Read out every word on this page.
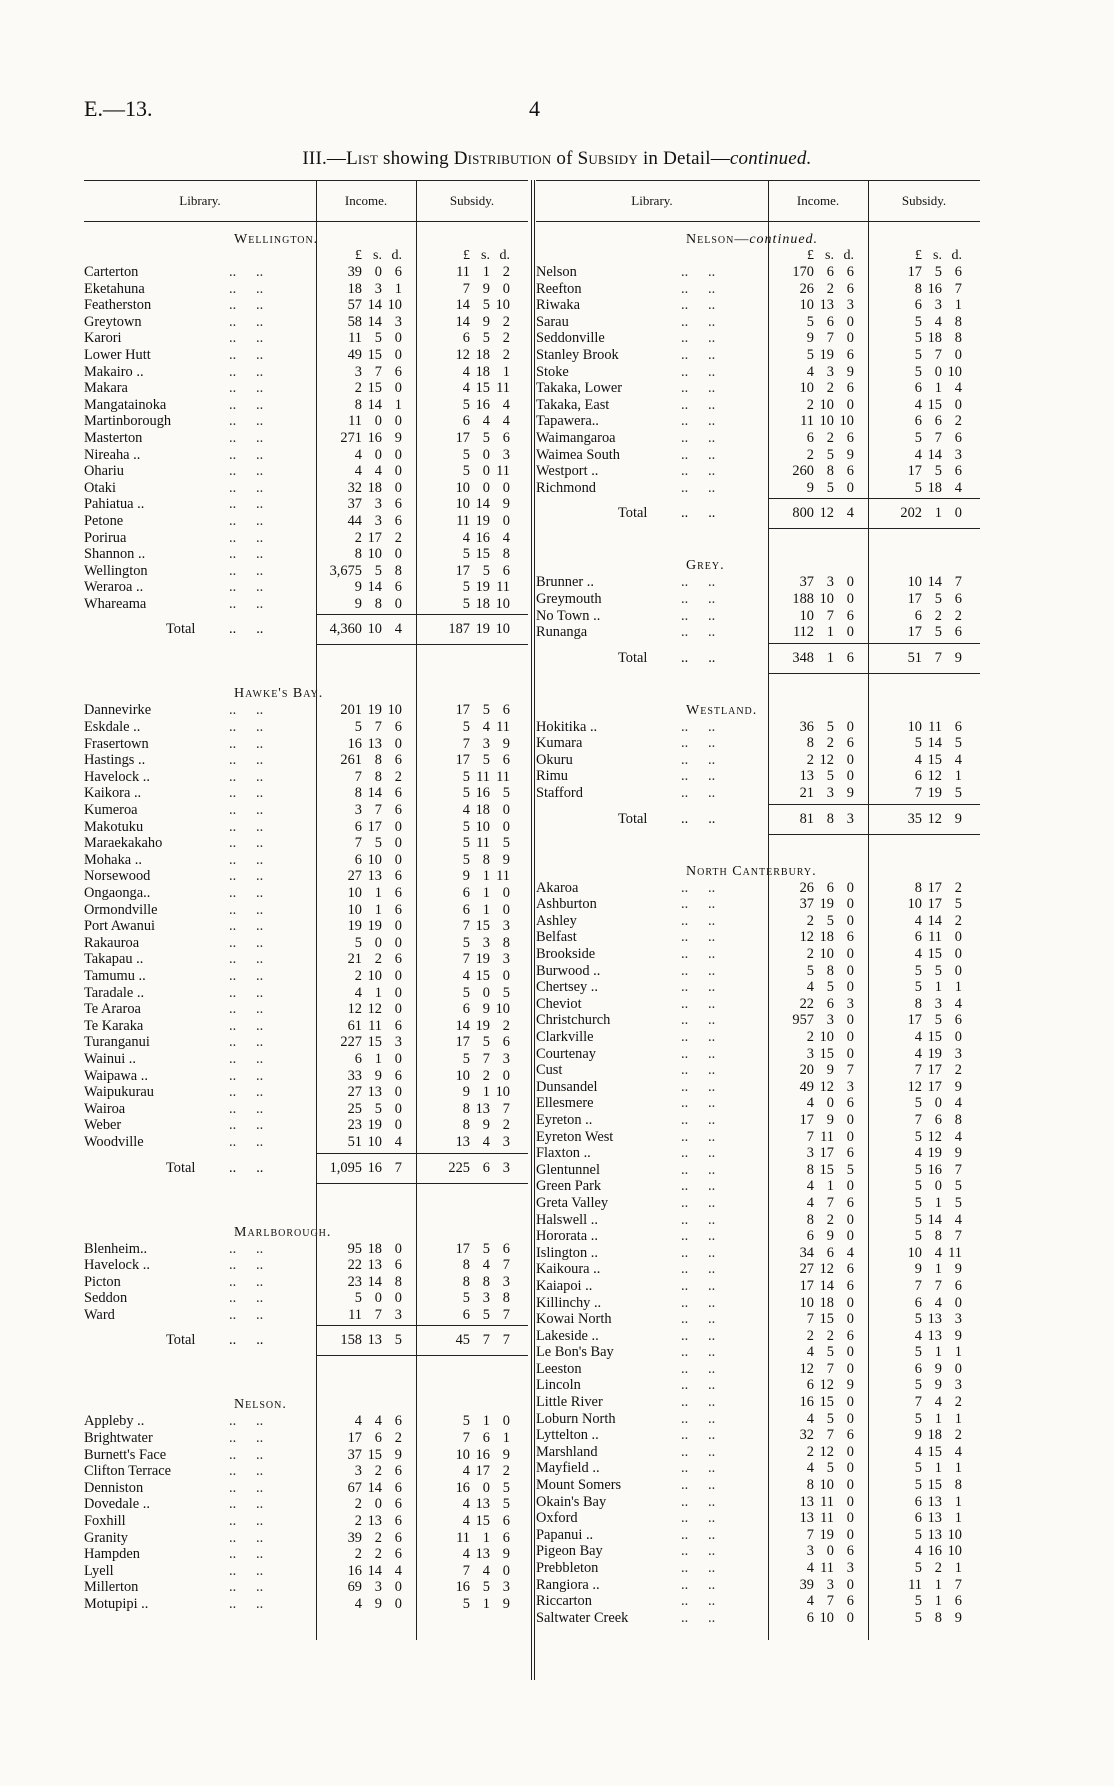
E.—13.	4
III.—List showing Distribution of Subsidy in Detail—continued.
Library.	Income.	Subsidy.
Wellington.
£ s. d.	£ s. d.
Carterton	.. ..	39 0 6	11 1 2
Eketahuna	.. ..	18 3 1	7 9 0
Featherston	.. ..	57 14 10	14 5 10
Greytown	.. ..	58 14 3	14 9 2
Karori	.. ..	11 5 0	6 5 2
Lower Hutt	.. ..	49 15 0	12 18 2
Makairo ..	.. ..	3 7 6	4 18 1
Makara	.. ..	2 15 0	4 15 11
Mangatainoka	.. ..	8 14 1	5 16 4
Martinborough	.. ..	11 0 0	6 4 4
Masterton	.. ..	271 16 9	17 5 6
Nireaha ..	.. ..	4 0 0	5 0 3
Ohariu	.. ..	4 4 0	5 0 11
Otaki	.. ..	32 18 0	10 0 0
Pahiatua ..	.. ..	37 3 6	10 14 9
Petone	.. ..	44 3 6	11 19 0
Porirua	.. ..	2 17 2	4 16 4
Shannon ..	.. ..	8 10 0	5 15 8
Wellington	.. ..	3,675 5 8	17 5 6
Weraroa ..	.. ..	9 14 6	5 19 11
Whareama	.. ..	9 8 0	5 18 10
Total .. ..	4,360 10 4	187 19 10
Hawke's Bay.
Dannevirke	.. ..	201 19 10	17 5 6
Eskdale ..	.. ..	5 7 6	5 4 11
Frasertown	.. ..	16 13 0	7 3 9
Hastings ..	.. ..	261 8 6	17 5 6
Havelock ..	.. ..	7 8 2	5 11 11
Kaikora ..	.. ..	8 14 6	5 16 5
Kumeroa	.. ..	3 7 6	4 18 0
Makotuku	.. ..	6 17 0	5 10 0
Maraekakaho	.. ..	7 5 0	5 11 5
Mohaka ..	.. ..	6 10 0	5 8 9
Norsewood	.. ..	27 13 6	9 1 11
Ongaonga..	.. ..	10 1 6	6 1 0
Ormondville	.. ..	10 1 6	6 1 0
Port Awanui	.. ..	19 19 0	7 15 3
Rakauroa	.. ..	5 0 0	5 3 8
Takapau ..	.. ..	21 2 6	7 19 3
Tamumu ..	.. ..	2 10 0	4 15 0
Taradale ..	.. ..	4 1 0	5 0 5
Te Araroa	.. ..	12 12 0	6 9 10
Te Karaka	.. ..	61 11 6	14 19 2
Turanganui	.. ..	227 15 3	17 5 6
Wainui ..	.. ..	6 1 0	5 7 3
Waipawa ..	.. ..	33 9 6	10 2 0
Waipukurau	.. ..	27 13 0	9 1 10
Wairoa	.. ..	25 5 0	8 13 7
Weber	.. ..	23 19 0	8 9 2
Woodville	.. ..	51 10 4	13 4 3
Total .. ..	1,095 16 7	225 6 3
Marlborough.
Blenheim..	.. ..	95 18 0	17 5 6
Havelock ..	.. ..	22 13 6	8 4 7
Picton	.. ..	23 14 8	8 8 3
Seddon	.. ..	5 0 0	5 3 8
Ward	.. ..	11 7 3	6 5 7
Total .. ..	158 13 5	45 7 7
Nelson.
Appleby ..	.. ..	4 4 6	5 1 0
Brightwater	.. ..	17 6 2	7 6 1
Burnett's Face	.. ..	37 15 9	10 16 9
Clifton Terrace	.. ..	3 2 6	4 17 2
Denniston	.. ..	67 14 6	16 0 5
Dovedale ..	.. ..	2 0 6	4 13 5
Foxhill	.. ..	2 13 6	4 15 6
Granity	.. ..	39 2 6	11 1 6
Hampden	.. ..	2 2 6	4 13 9
Lyell	.. ..	16 14 4	7 4 0
Millerton	.. ..	69 3 0	16 5 3
Motupipi ..	.. ..	4 9 0	5 1 9
Library.	Income.	Subsidy.
Nelson—continued.
£ s. d.	£ s. d.
Nelson	.. ..	170 6 6	17 5 6
Reefton	.. ..	26 2 6	8 16 7
Riwaka	.. ..	10 13 3	6 3 1
Sarau	.. ..	5 6 0	5 4 8
Seddonville	.. ..	9 7 0	5 18 8
Stanley Brook	.. ..	5 19 6	5 7 0
Stoke	.. ..	4 3 9	5 0 10
Takaka, Lower	.. ..	10 2 6	6 1 4
Takaka, East	.. ..	2 10 0	4 15 0
Tapawera..	.. ..	11 10 10	6 6 2
Waimangaroa	.. ..	6 2 6	5 7 6
Waimea South	.. ..	2 5 9	4 14 3
Westport ..	.. ..	260 8 6	17 5 6
Richmond	.. ..	9 5 0	5 18 4
Total .. ..	800 12 4	202 1 0
Grey.
Brunner ..	.. ..	37 3 0	10 14 7
Greymouth	.. ..	188 10 0	17 5 6
No Town ..	.. ..	10 7 6	6 2 2
Runanga	.. ..	112 1 0	17 5 6
Total .. ..	348 1 6	51 7 9
Westland.
Hokitika ..	.. ..	36 5 0	10 11 6
Kumara	.. ..	8 2 6	5 14 5
Okuru	.. ..	2 12 0	4 15 4
Rimu	.. ..	13 5 0	6 12 1
Stafford	.. ..	21 3 9	7 19 5
Total .. ..	81 8 3	35 12 9
North Canterbury.
Akaroa	.. ..	26 6 0	8 17 2
Ashburton	.. ..	37 19 0	10 17 5
Ashley	.. ..	2 5 0	4 14 2
Belfast	.. ..	12 18 6	6 11 0
Brookside	.. ..	2 10 0	4 15 0
Burwood ..	.. ..	5 8 0	5 5 0
Chertsey ..	.. ..	4 5 0	5 1 1
Cheviot	.. ..	22 6 3	8 3 4
Christchurch	.. ..	957 3 0	17 5 6
Clarkville	.. ..	2 10 0	4 15 0
Courtenay	.. ..	3 15 0	4 19 3
Cust	.. ..	20 9 7	7 17 2
Dunsandel	.. ..	49 12 3	12 17 9
Ellesmere	.. ..	4 0 6	5 0 4
Eyreton ..	.. ..	17 9 0	7 6 8
Eyreton West	.. ..	7 11 0	5 12 4
Flaxton ..	.. ..	3 17 6	4 19 9
Glentunnel	.. ..	8 15 5	5 16 7
Green Park	.. ..	4 1 0	5 0 5
Greta Valley	.. ..	4 7 6	5 1 5
Halswell ..	.. ..	8 2 0	5 14 4
Hororata ..	.. ..	6 9 0	5 8 7
Islington ..	.. ..	34 6 4	10 4 11
Kaikoura ..	.. ..	27 12 6	9 1 9
Kaiapoi ..	.. ..	17 14 6	7 7 6
Killinchy ..	.. ..	10 18 0	6 4 0
Kowai North	.. ..	7 15 0	5 13 3
Lakeside ..	.. ..	2 2 6	4 13 9
Le Bon's Bay	.. ..	4 5 0	5 1 1
Leeston	.. ..	12 7 0	6 9 0
Lincoln	.. ..	6 12 9	5 9 3
Little River	.. ..	16 15 0	7 4 2
Loburn North	.. ..	4 5 0	5 1 1
Lyttelton ..	.. ..	32 7 6	9 18 2
Marshland	.. ..	2 12 0	4 15 4
Mayfield ..	.. ..	4 5 0	5 1 1
Mount Somers	.. ..	8 10 0	5 15 8
Okain's Bay	.. ..	13 11 0	6 13 1
Oxford	.. ..	13 11 0	6 13 1
Papanui ..	.. ..	7 19 0	5 13 10
Pigeon Bay	.. ..	3 0 6	4 16 10
Prebbleton	.. ..	4 11 3	5 2 1
Rangiora ..	.. ..	39 3 0	11 1 7
Riccarton	.. ..	4 7 6	5 1 6
Saltwater Creek	.. ..	6 10 0	5 8 9
